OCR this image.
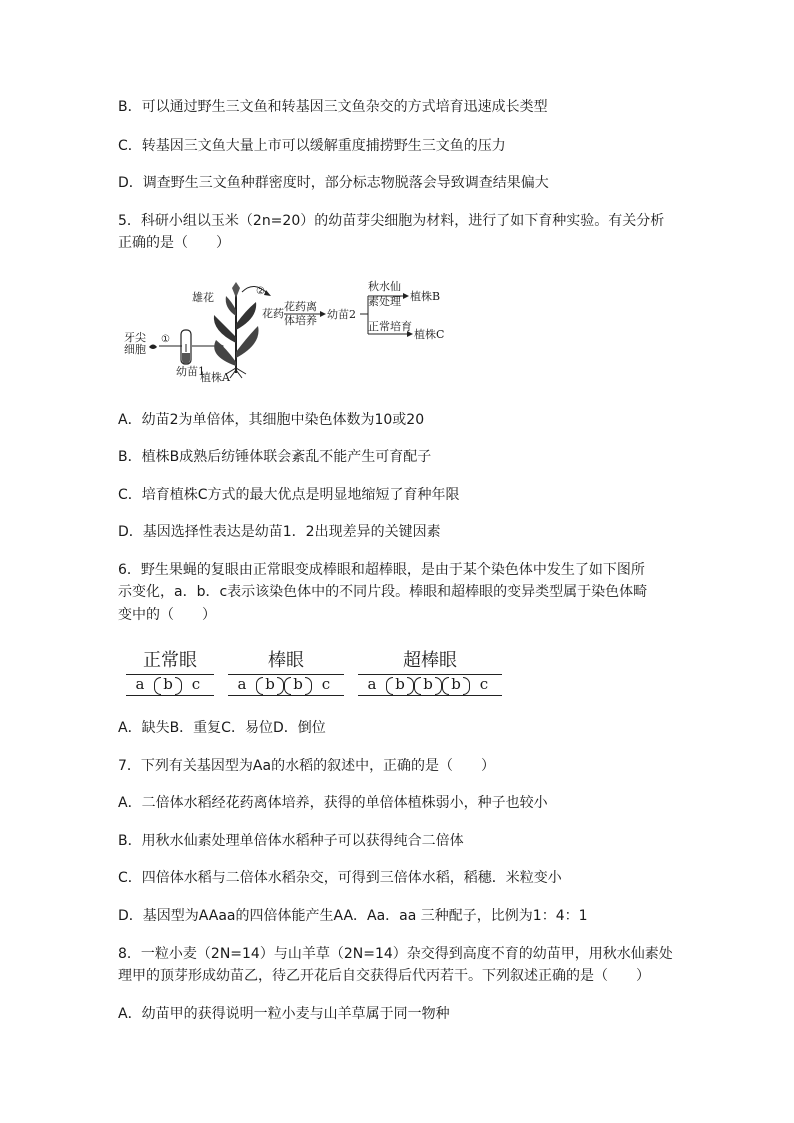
B．可以通过野生三文鱼和转基因三文鱼杂交的方式培育迅速成长类型
C．转基因三文鱼大量上市可以缓解重度捕捞野生三文鱼的压力
D．调查野生三文鱼种群密度时，部分标志物脱落会导致调查结果偏大
5．科研小组以玉米（2n=20）的幼苗芽尖细胞为材料，进行了如下育种实验。有关分析
正确的是（　　）
牙尖
细胞
①
幼苗1
雄花
植株A
②
花药
花药离
体培养 幼苗2
秋水仙
素处理 植株B
正常培育
植株C
A．幼苗2为单倍体，其细胞中染色体数为10或20
B．植株B成熟后纺锤体联会紊乱不能产生可育配子
C．培育植株C方式的最大优点是明显地缩短了育种年限
D．基因选择性表达是幼苗1．2出现差异的关键因素
6．野生果蝇的复眼由正常眼变成棒眼和超棒眼，是由于某个染色体中发生了如下图所
示变化，a．b．c表示该染色体中的不同片段。棒眼和超棒眼的变异类型属于染色体畸
变中的（　　）
正常眼
a	b	c
棒眼
a	b	b	c
超棒眼
a	b	b	b	c
A．缺失B．重复C．易位D．倒位
7．下列有关基因型为Aa的水稻的叙述中，正确的是（　　）
A．二倍体水稻经花药离体培养，获得的单倍体植株弱小，种子也较小
B．用秋水仙素处理单倍体水稻种子可以获得纯合二倍体
C．四倍体水稻与二倍体水稻杂交，可得到三倍体水稻，稻穗．米粒变小
D．基因型为AAaa的四倍体能产生AA．Aa．aa 三种配子，比例为1：4：1
8．一粒小麦（2N=14）与山羊草（2N=14）杂交得到高度不育的幼苗甲，用秋水仙素处
理甲的顶芽形成幼苗乙，待乙开花后自交获得后代丙若干。下列叙述正确的是（　　）
A．幼苗甲的获得说明一粒小麦与山羊草属于同一物种
